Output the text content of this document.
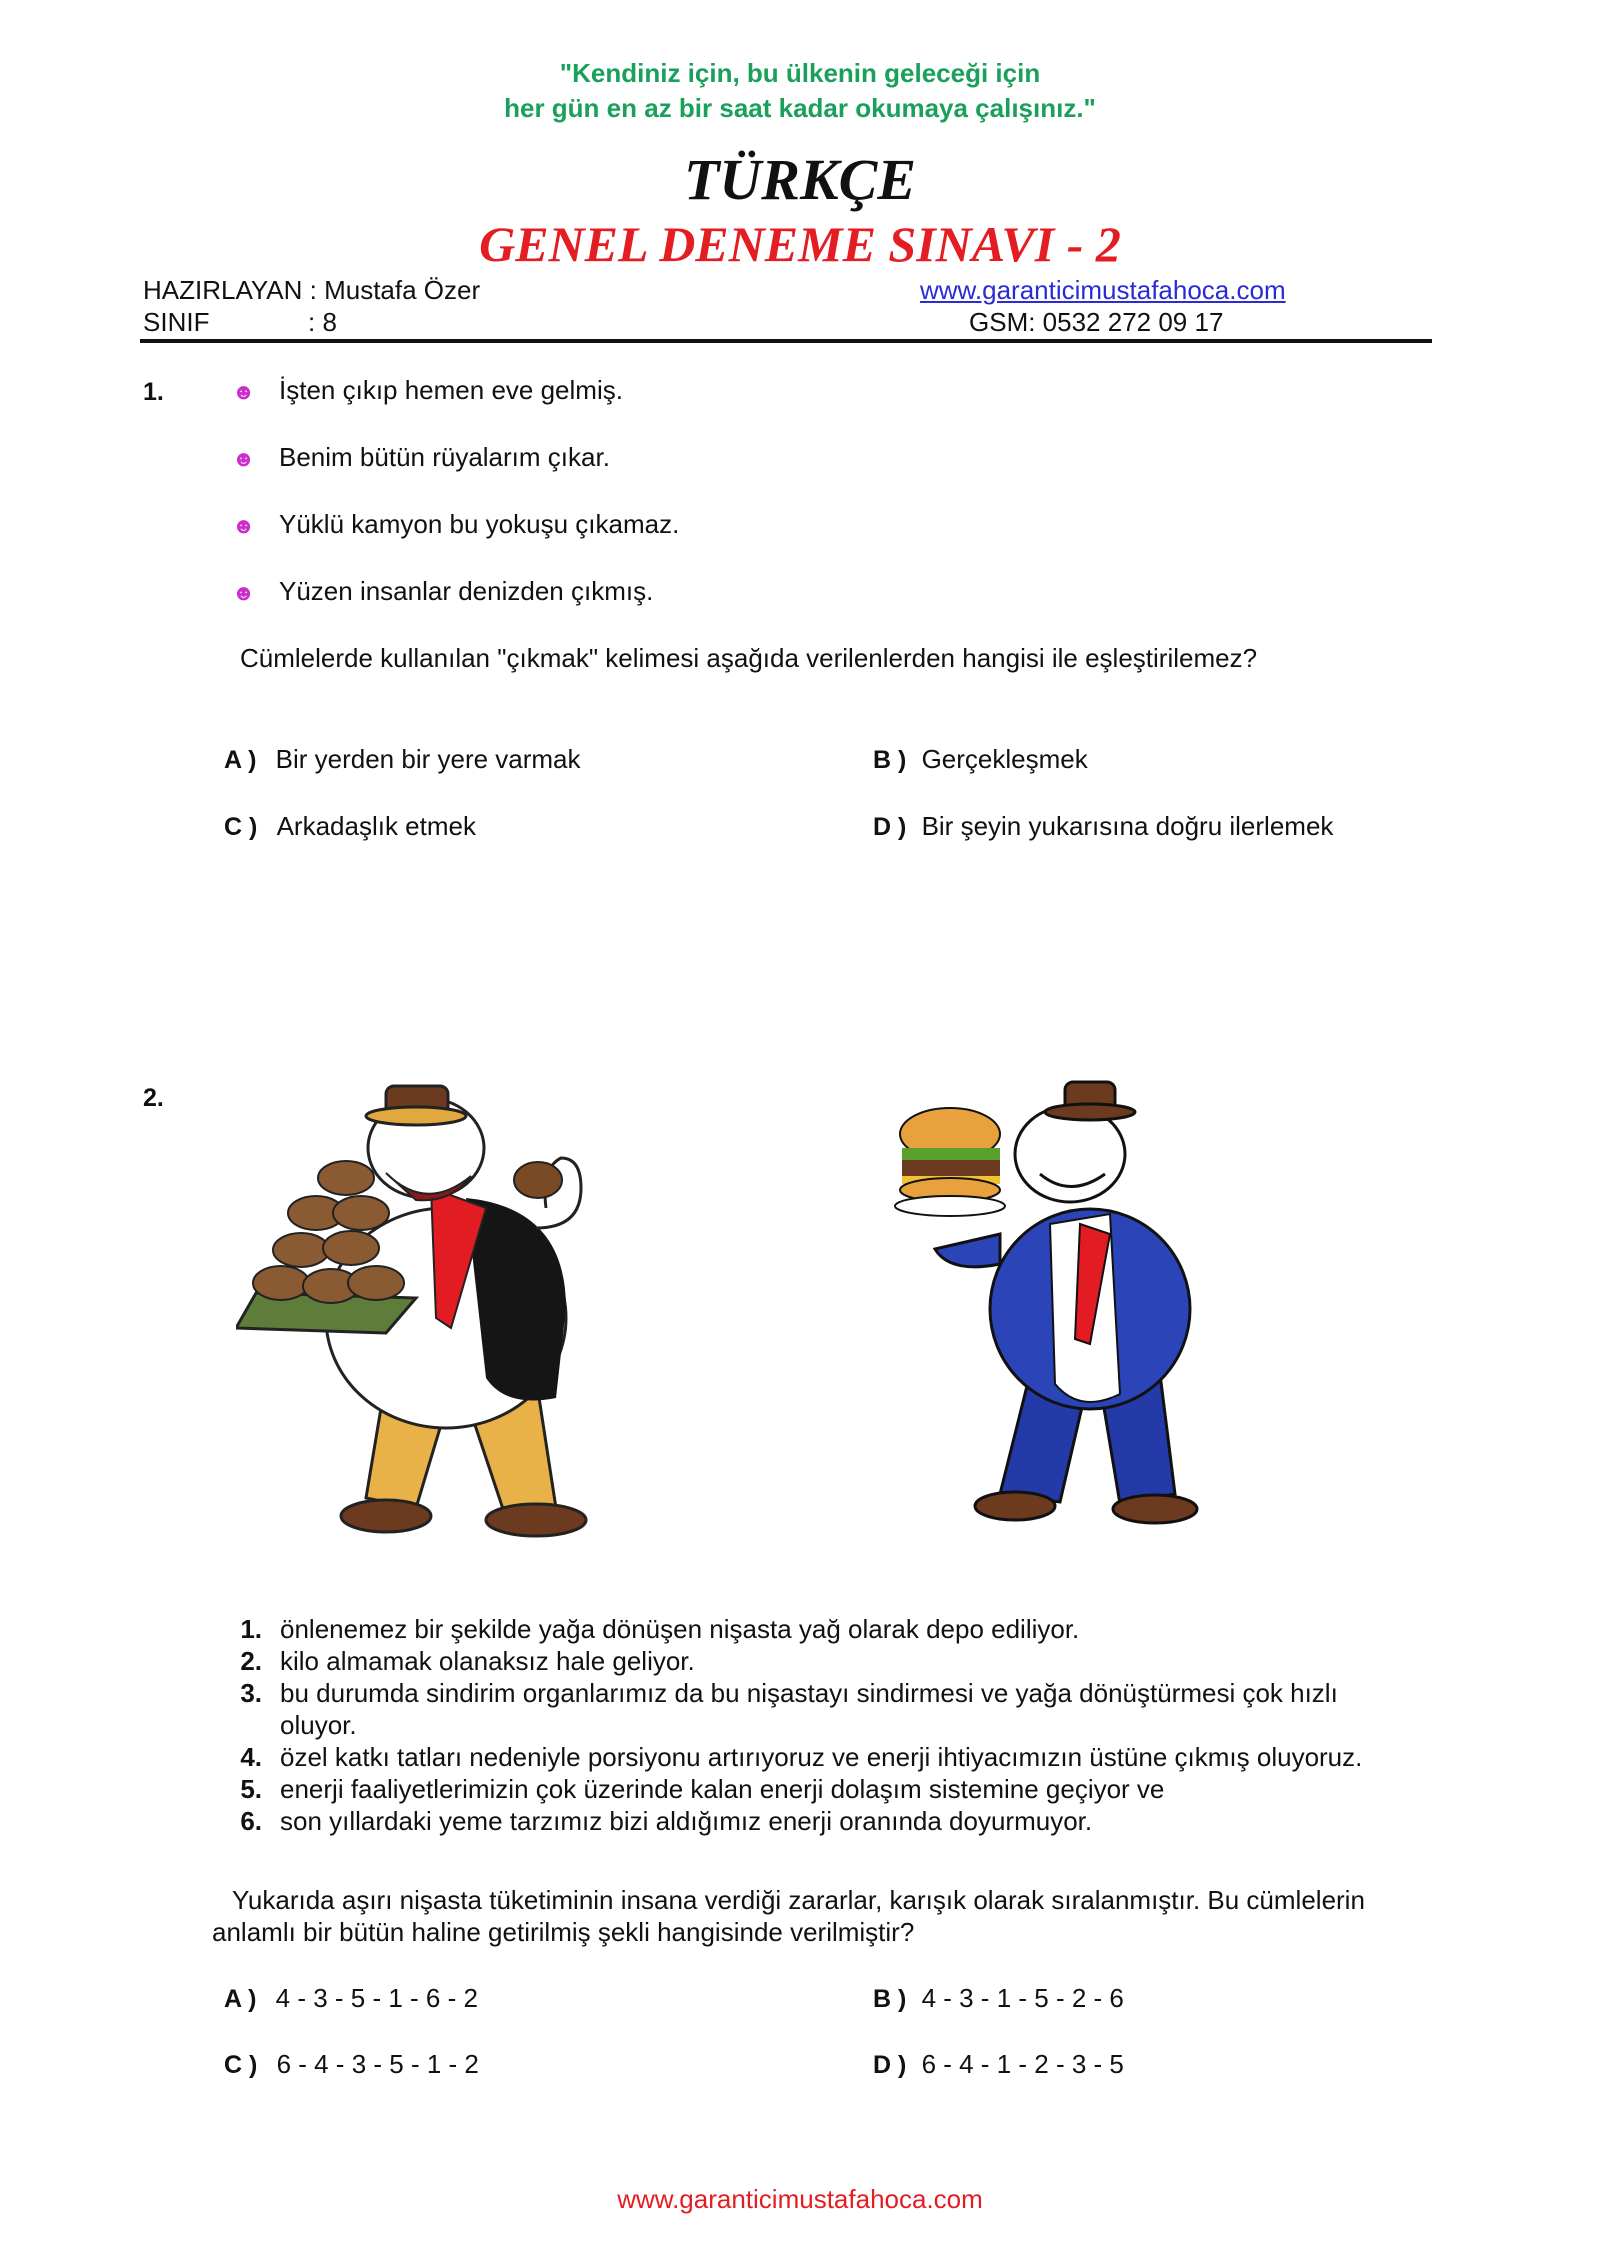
"Kendiniz için, bu ülkenin geleceği için
her gün en az bir saat kadar okumaya çalışınız."
TÜRKÇE
GENEL DENEME SINAVI - 2
HAZIRLAYAN : Mustafa Özer
SINIF	: 8
www.garanticimustafahoca.com
GSM: 0532 272 09 17
1.	☻ İşten çıkıp hemen eve gelmiş.
☻ Benim bütün rüyalarım çıkar.
☻ Yüklü kamyon bu yokuşu çıkamaz.
☻ Yüzen insanlar denizden çıkmış.
Cümlelerde kullanılan "çıkmak" kelimesi aşağıda verilenlerden hangisi ile eşleştirilemez?
A ) Bir yerden bir yere varmak	B ) Gerçekleşmek
C ) Arkadaşlık etmek	D ) Bir şeyin yukarısına doğru ilerlemek
2.
1. önlenemez bir şekilde yağa dönüşen nişasta yağ olarak depo ediliyor.
2. kilo almamak olanaksız hale geliyor.
3. bu durumda sindirim organlarımız da bu nişastayı sindirmesi ve yağa dönüştürmesi çok hızlı oluyor.
4. özel katkı tatları nedeniyle porsiyonu artırıyoruz ve enerji ihtiyacımızın üstüne çıkmış oluyoruz.
5. enerji faaliyetlerimizin çok üzerinde kalan enerji dolaşım sistemine geçiyor ve
6. son yıllardaki yeme tarzımız bizi aldığımız enerji oranında doyurmuyor.
Yukarıda aşırı nişasta tüketiminin insana verdiği zararlar, karışık olarak sıralanmıştır. Bu cümlelerin anlamlı bir bütün haline getirilmiş şekli hangisinde verilmiştir?
A ) 4 - 3 - 5 - 1 - 6 - 2	B ) 4 - 3 - 1 - 5 - 2 - 6
C ) 6 - 4 - 3 - 5 - 1 - 2	D ) 6 - 4 - 1 - 2 - 3 - 5
www.garanticimustafahoca.com
